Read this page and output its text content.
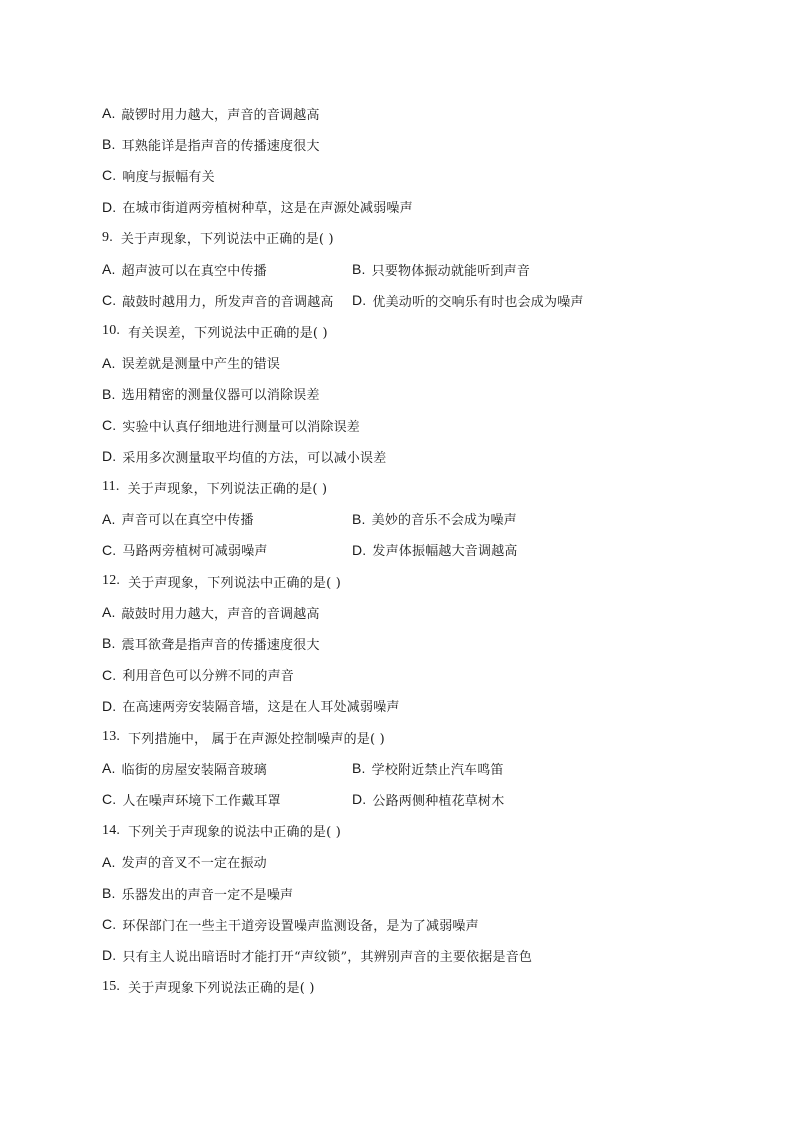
A. 敲锣时用力越大，声音的音调越高
B. 耳熟能详是指声音的传播速度很大
C. 响度与振幅有关
D. 在城市街道两旁植树种草，这是在声源处减弱噪声
9. 关于声现象，下列说法中正确的是( )
A. 超声波可以在真空中传播	B. 只要物体振动就能听到声音
C. 敲鼓时越用力，所发声音的音调越高 D. 优美动听的交响乐有时也会成为噪声
10. 有关误差，下列说法中正确的是( )
A. 误差就是测量中产生的错误
B. 选用精密的测量仪器可以消除误差
C. 实验中认真仔细地进行测量可以消除误差
D. 采用多次测量取平均值的方法，可以减小误差
11. 关于声现象，下列说法正确的是( )
A. 声音可以在真空中传播	B. 美妙的音乐不会成为噪声
C. 马路两旁植树可减弱噪声	D. 发声体振幅越大音调越高
12. 关于声现象，下列说法中正确的是( )
A. 敲鼓时用力越大，声音的音调越高
B. 震耳欲聋是指声音的传播速度很大
C. 利用音色可以分辨不同的声音
D. 在高速两旁安装隔音墙，这是在人耳处减弱噪声
13. 下列措施中， 属于在声源处控制噪声的是( )
A. 临街的房屋安装隔音玻璃	B. 学校附近禁止汽车鸣笛
C. 人在噪声环境下工作戴耳罩	D. 公路两侧种植花草树木
14. 下列关于声现象的说法中正确的是( )
A. 发声的音叉不一定在振动
B. 乐器发出的声音一定不是噪声
C. 环保部门在一些主干道旁设置噪声监测设备，是为了减弱噪声
D. 只有主人说出暗语时才能打开“声纹锁”，其辨别声音的主要依据是音色
15. 关于声现象下列说法正确的是( )
